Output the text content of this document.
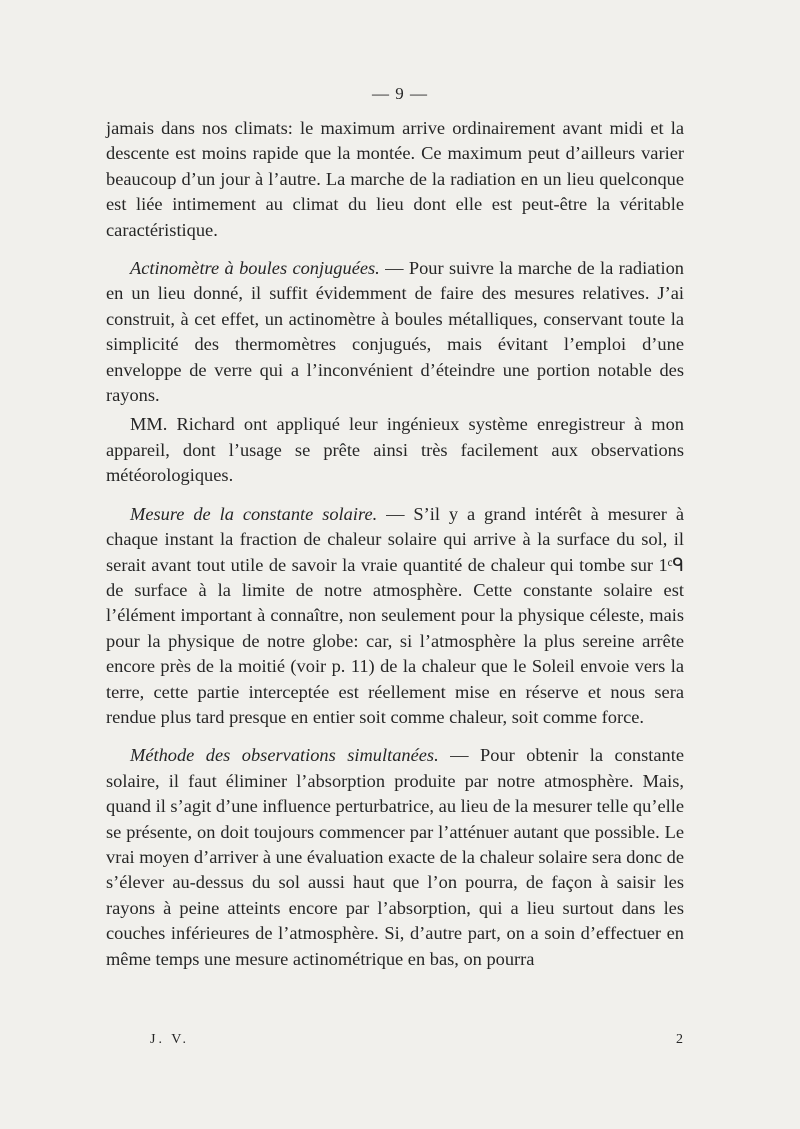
— 9 —

jamais dans nos climats: le maximum arrive ordinairement avant midi et la descente est moins rapide que la montée. Ce maximum peut d’ailleurs varier beaucoup d’un jour à l’autre. La marche de la radiation en un lieu quelconque est liée intimement au climat du lieu dont elle est peut-être la véritable caractéristique.

Actinomètre à boules conjuguées. — Pour suivre la marche de la radiation en un lieu donné, il suffit évidemment de faire des mesures relatives. J’ai construit, à cet effet, un actinomètre à boules métalliques, conservant toute la simplicité des thermomètres conjugués, mais évitant l’emploi d’une enveloppe de verre qui a l’inconvénient d’éteindre une portion notable des rayons.

MM. Richard ont appliqué leur ingénieux système enregistreur à mon appareil, dont l’usage se prête ainsi très facilement aux observations météorologiques.

Mesure de la constante solaire. — S’il y a grand intérêt à mesurer à chaque instant la fraction de chaleur solaire qui arrive à la surface du sol, il serait avant tout utile de savoir la vraie quantité de chaleur qui tombe sur 1ᶜᑫ de surface à la limite de notre atmosphère. Cette constante solaire est l’élément important à connaître, non seulement pour la physique céleste, mais pour la physique de notre globe: car, si l’atmosphère la plus sereine arrête encore près de la moitié (voir p. 11) de la chaleur que le Soleil envoie vers la terre, cette partie interceptée est réellement mise en réserve et nous sera rendue plus tard presque en entier soit comme chaleur, soit comme force.

Méthode des observations simultanées. — Pour obtenir la constante solaire, il faut éliminer l’absorption produite par notre atmosphère. Mais, quand il s’agit d’une influence perturbatrice, au lieu de la mesurer telle qu’elle se présente, on doit toujours commencer par l’atténuer autant que possible. Le vrai moyen d’arriver à une évaluation exacte de la chaleur solaire sera donc de s’élever au-dessus du sol aussi haut que l’on pourra, de façon à saisir les rayons à peine atteints encore par l’absorption, qui a lieu surtout dans les couches inférieures de l’atmosphère. Si, d’autre part, on a soin d’effectuer en même temps une mesure actinométrique en bas, on pourra

J. V.	2
